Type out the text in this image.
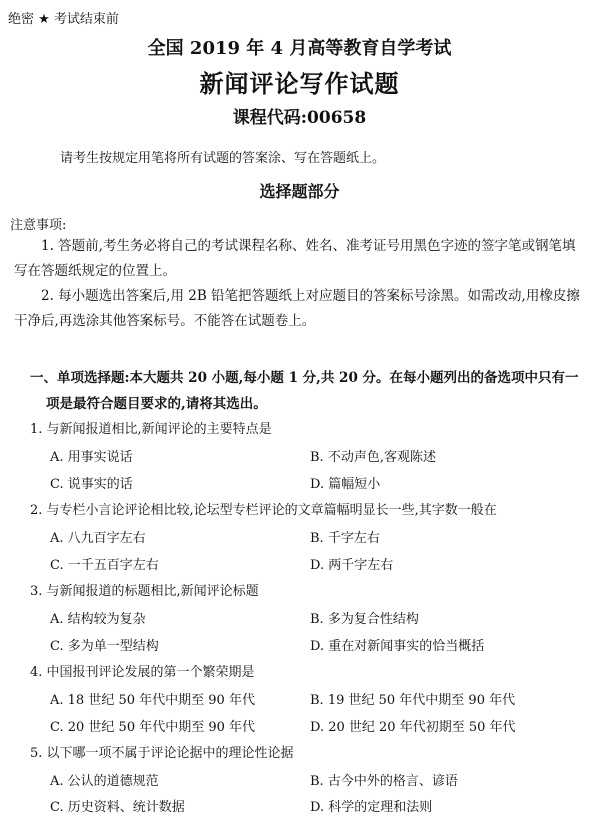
绝密 ★ 考试结束前
全国 2019 年 4 月高等教育自学考试
新闻评论写作试题
课程代码:00658
请考生按规定用笔将所有试题的答案涂、写在答题纸上。
选择题部分
注意事项:
1. 答题前,考生务必将自己的考试课程名称、姓名、准考证号用黑色字迹的签字笔或钢笔填写在答题纸规定的位置上。
2. 每小题选出答案后,用 2B 铅笔把答题纸上对应题目的答案标号涂黑。如需改动,用橡皮擦干净后,再选涂其他答案标号。不能答在试题卷上。
一、单项选择题:本大题共 20 小题,每小题 1 分,共 20 分。在每小题列出的备选项中只有一
项是最符合题目要求的,请将其选出。
1. 与新闻报道相比,新闻评论的主要特点是
A. 用事实说话	B. 不动声色,客观陈述
C. 说事实的话	D. 篇幅短小
2. 与专栏小言论评论相比较,论坛型专栏评论的文章篇幅明显长一些,其字数一般在
A. 八九百字左右	B. 千字左右
C. 一千五百字左右	D. 两千字左右
3. 与新闻报道的标题相比,新闻评论标题
A. 结构较为复杂	B. 多为复合性结构
C. 多为单一型结构	D. 重在对新闻事实的恰当概括
4. 中国报刊评论发展的第一个繁荣期是
A. 18 世纪 50 年代中期至 90 年代	B. 19 世纪 50 年代中期至 90 年代
C. 20 世纪 50 年代中期至 90 年代	D. 20 世纪 20 年代初期至 50 年代
5. 以下哪一项不属于评论论据中的理论性论据
A. 公认的道德规范	B. 古今中外的格言、谚语
C. 历史资料、统计数据	D. 科学的定理和法则
